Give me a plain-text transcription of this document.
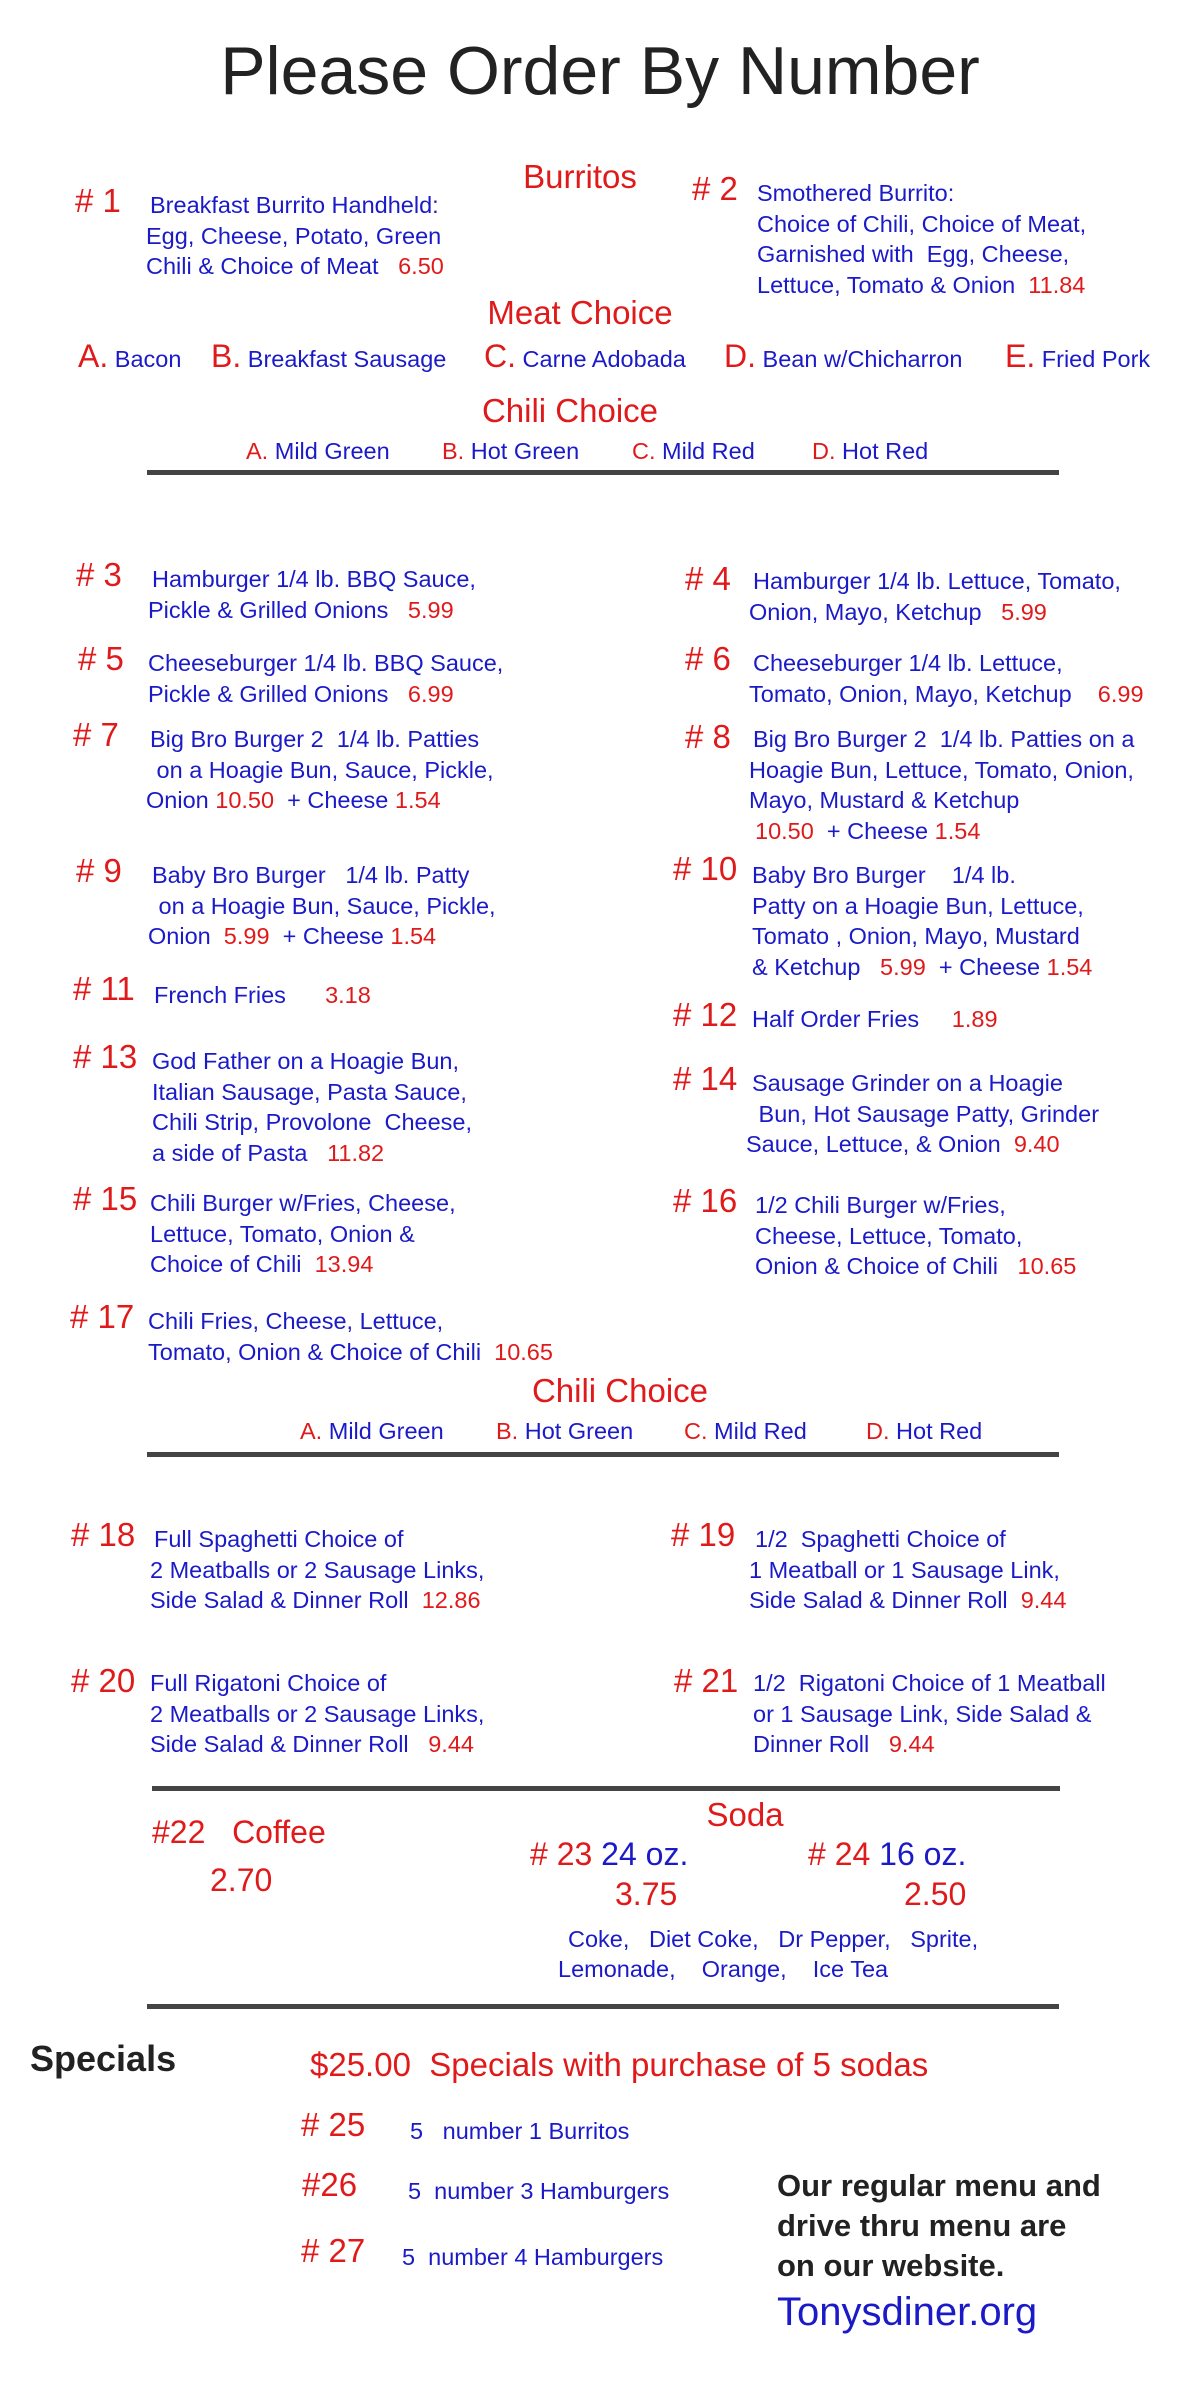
Please Order By Number
Burritos
# 1 Breakfast Burrito Handheld:
Egg, Cheese, Potato, Green
Chili & Choice of Meat 6.50
# 2 Smothered Burrito:
Choice of Chili, Choice of Meat,
Garnished with  Egg, Cheese,
Lettuce, Tomato & Onion 11.84
Meat Choice
A. Bacon B. Breakfast Sausage C. Carne Adobada D. Bean w/Chicharron E. Fried Pork
Chili Choice
A. Mild Green B. Hot Green C. Mild Red D. Hot Red
# 3 Hamburger 1/4 lb. BBQ Sauce,
Pickle & Grilled Onions 5.99
# 5 Cheeseburger 1/4 lb. BBQ Sauce,
Pickle & Grilled Onions 6.99
# 7 Big Bro Burger 2  1/4 lb. Patties
on a Hoagie Bun, Sauce, Pickle,
Onion 10.50 + Cheese 1.54
# 9 Baby Bro Burger   1/4 lb. Patty
on a Hoagie Bun, Sauce, Pickle,
Onion 5.99 + Cheese 1.54
# 11 French Fries 3.18
# 13 God Father on a Hoagie Bun,
Italian Sausage, Pasta Sauce,
Chili Strip, Provolone  Cheese,
a side of Pasta 11.82
# 15 Chili Burger w/Fries, Cheese,
Lettuce, Tomato, Onion &
Choice of Chili 13.94
# 17 Chili Fries, Cheese, Lettuce,
Tomato, Onion & Choice of Chili 10.65
# 4 Hamburger 1/4 lb. Lettuce, Tomato,
Onion, Mayo, Ketchup 5.99
# 6 Cheeseburger 1/4 lb. Lettuce,
Tomato, Onion, Mayo, Ketchup 6.99
# 8 Big Bro Burger 2  1/4 lb. Patties on a
Hoagie Bun, Lettuce, Tomato, Onion,
Mayo, Mustard & Ketchup
10.50 + Cheese 1.54
# 10 Baby Bro Burger    1/4 lb.
Patty on a Hoagie Bun, Lettuce,
Tomato , Onion, Mayo, Mustard
& Ketchup 5.99 + Cheese 1.54
# 12 Half Order Fries 1.89
# 14 Sausage Grinder on a Hoagie
Bun, Hot Sausage Patty, Grinder
Sauce, Lettuce, & Onion 9.40
# 16 1/2 Chili Burger w/Fries,
Cheese, Lettuce, Tomato,
Onion & Choice of Chili 10.65
Chili Choice
A. Mild Green B. Hot Green C. Mild Red	D. Hot Red
# 18 Full Spaghetti Choice of
2 Meatballs or 2 Sausage Links,
Side Salad & Dinner Roll 12.86
# 19 1/2  Spaghetti Choice of
1 Meatball or 1 Sausage Link,
Side Salad & Dinner Roll 9.44
# 20 Full Rigatoni Choice of
2 Meatballs or 2 Sausage Links,
Side Salad & Dinner Roll 9.44
# 21 1/2  Rigatoni Choice of 1 Meatball
or 1 Sausage Link, Side Salad &
Dinner Roll 9.44
#22 Coffee
2.70
Soda
# 23 24 oz.
3.75
# 24 16 oz.
2.50
Coke,   Diet Coke,   Dr Pepper,   Sprite,
Lemonade,    Orange,    Ice Tea
Specials	$25.00  Specials with purchase of 5 sodas
# 25 5   number 1 Burritos
#26 5  number 3 Hamburgers
# 27 5  number 4 Hamburgers
Our regular menu and
drive thru menu are
on our website.
Tonysdiner.org
